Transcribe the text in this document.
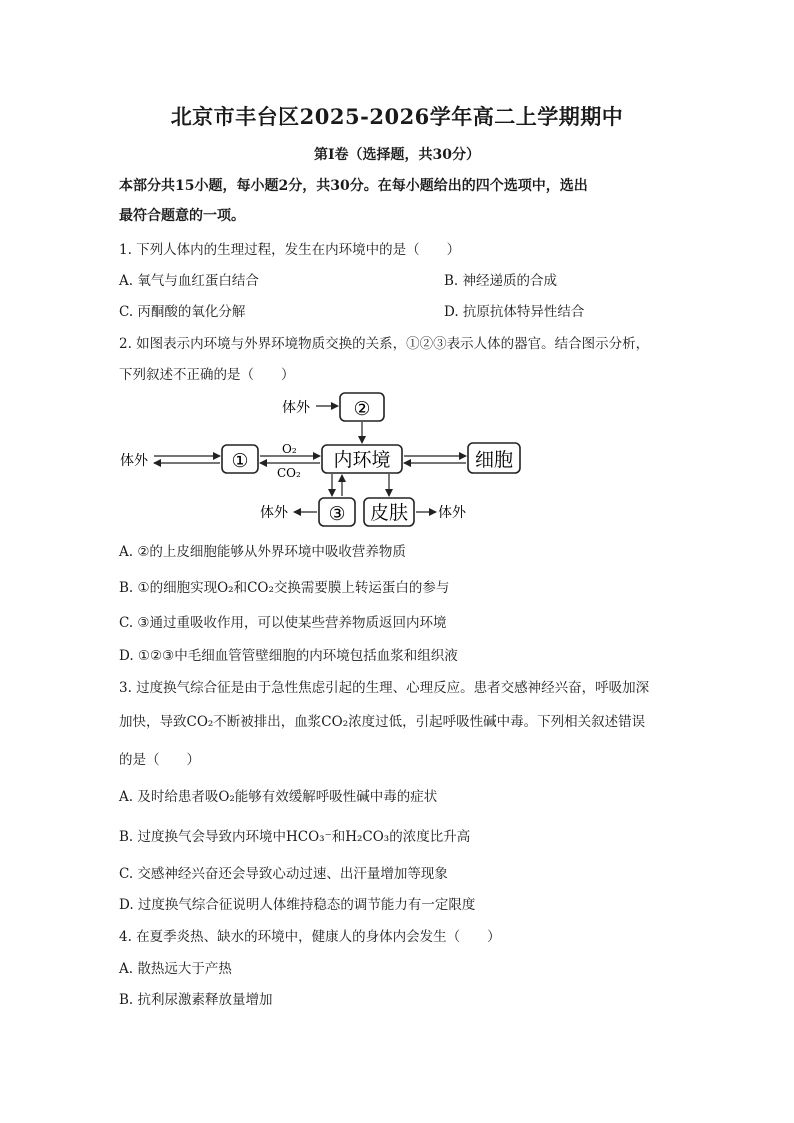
北京市丰台区2025-2026学年高二上学期期中
第Ⅰ卷（选择题，共30分）
本部分共15小题，每小题2分，共30分。在每小题给出的四个选项中，选出
最符合题意的一项。
1. 下列人体内的生理过程，发生在内环境中的是（　　）
A. 氧气与血红蛋白结合	B. 神经递质的合成
C. 丙酮酸的氧化分解	D. 抗原抗体特异性结合
2. 如图表示内环境与外界环境物质交换的关系，①②③表示人体的器官。结合图示分析，
下列叙述不正确的是（　　）
②
①	内环境	细胞
③ 皮肤
体外
体外
体外	体外
O₂
CO₂
A. ②的上皮细胞能够从外界环境中吸收营养物质
B. ①的细胞实现O₂和CO₂交换需要膜上转运蛋白的参与
C. ③通过重吸收作用，可以使某些营养物质返回内环境
D. ①②③中毛细血管管壁细胞的内环境包括血浆和组织液
3. 过度换气综合征是由于急性焦虑引起的生理、心理反应。患者交感神经兴奋，呼吸加深
加快，导致CO₂不断被排出，血浆CO₂浓度过低，引起呼吸性碱中毒。下列相关叙述错误
的是（　　）
A. 及时给患者吸O₂能够有效缓解呼吸性碱中毒的症状
B. 过度换气会导致内环境中HCO₃⁻和H₂CO₃的浓度比升高
C. 交感神经兴奋还会导致心动过速、出汗量增加等现象
D. 过度换气综合征说明人体维持稳态的调节能力有一定限度
4. 在夏季炎热、缺水的环境中，健康人的身体内会发生（　　）
A. 散热远大于产热
B. 抗利尿激素释放量增加
